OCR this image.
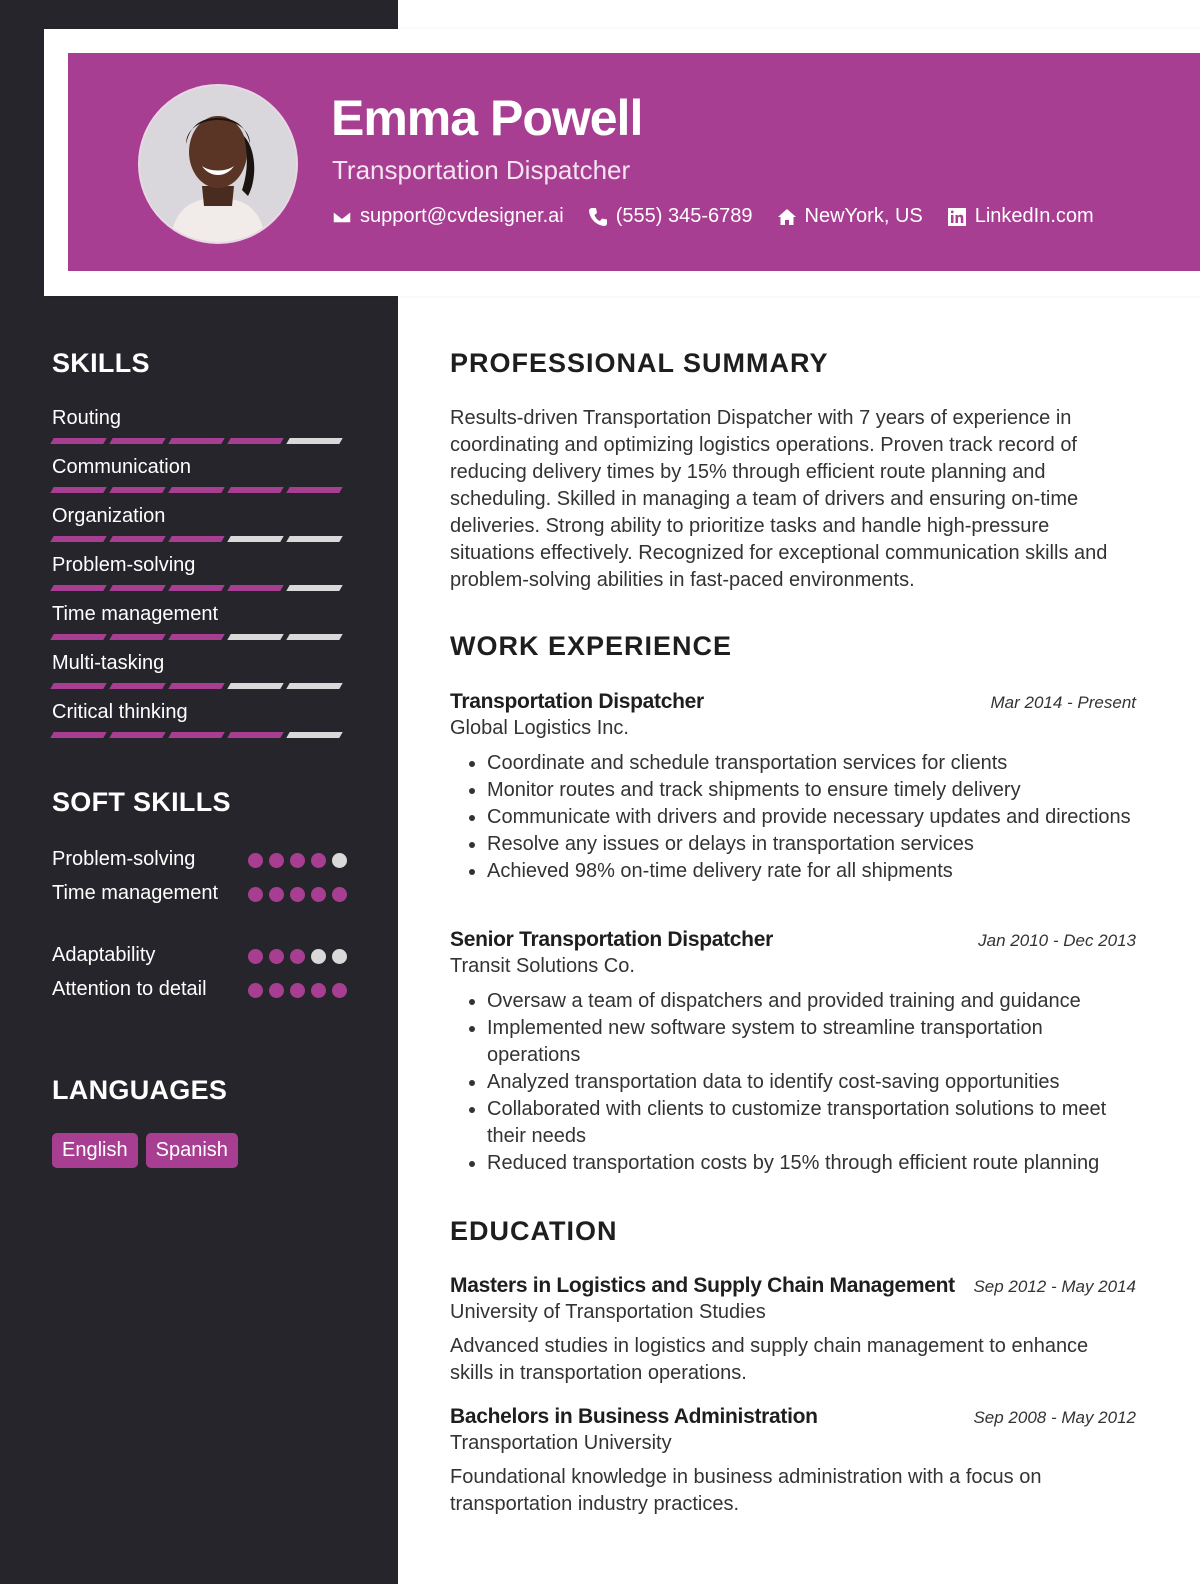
Emma Powell
Transportation Dispatcher
support@cvdesigner.ai	(555) 345-6789	NewYork, US	LinkedIn.com
SKILLS
Routing
Communication
Organization
Problem-solving
Time management
Multi-tasking
Critical thinking
SOFT SKILLS
Problem-solving
Time management
Adaptability
Attention to detail
LANGUAGES
English	Spanish
PROFESSIONAL SUMMARY
Results-driven Transportation Dispatcher with 7 years of experience in coordinating and optimizing logistics operations. Proven track record of reducing delivery times by 15% through efficient route planning and scheduling. Skilled in managing a team of drivers and ensuring on-time deliveries. Strong ability to prioritize tasks and handle high-pressure situations effectively. Recognized for exceptional communication skills and problem-solving abilities in fast-paced environments.
WORK EXPERIENCE
Transportation Dispatcher	Mar 2014 - Present
Global Logistics Inc.
• Coordinate and schedule transportation services for clients
• Monitor routes and track shipments to ensure timely delivery
• Communicate with drivers and provide necessary updates and directions
• Resolve any issues or delays in transportation services
• Achieved 98% on-time delivery rate for all shipments
Senior Transportation Dispatcher	Jan 2010 - Dec 2013
Transit Solutions Co.
• Oversaw a team of dispatchers and provided training and guidance
• Implemented new software system to streamline transportation operations
• Analyzed transportation data to identify cost-saving opportunities
• Collaborated with clients to customize transportation solutions to meet their needs
• Reduced transportation costs by 15% through efficient route planning
EDUCATION
Masters in Logistics and Supply Chain Management Sep 2012 - May 2014
University of Transportation Studies
Advanced studies in logistics and supply chain management to enhance skills in transportation operations.
Bachelors in Business Administration	Sep 2008 - May 2012
Transportation University
Foundational knowledge in business administration with a focus on transportation industry practices.
